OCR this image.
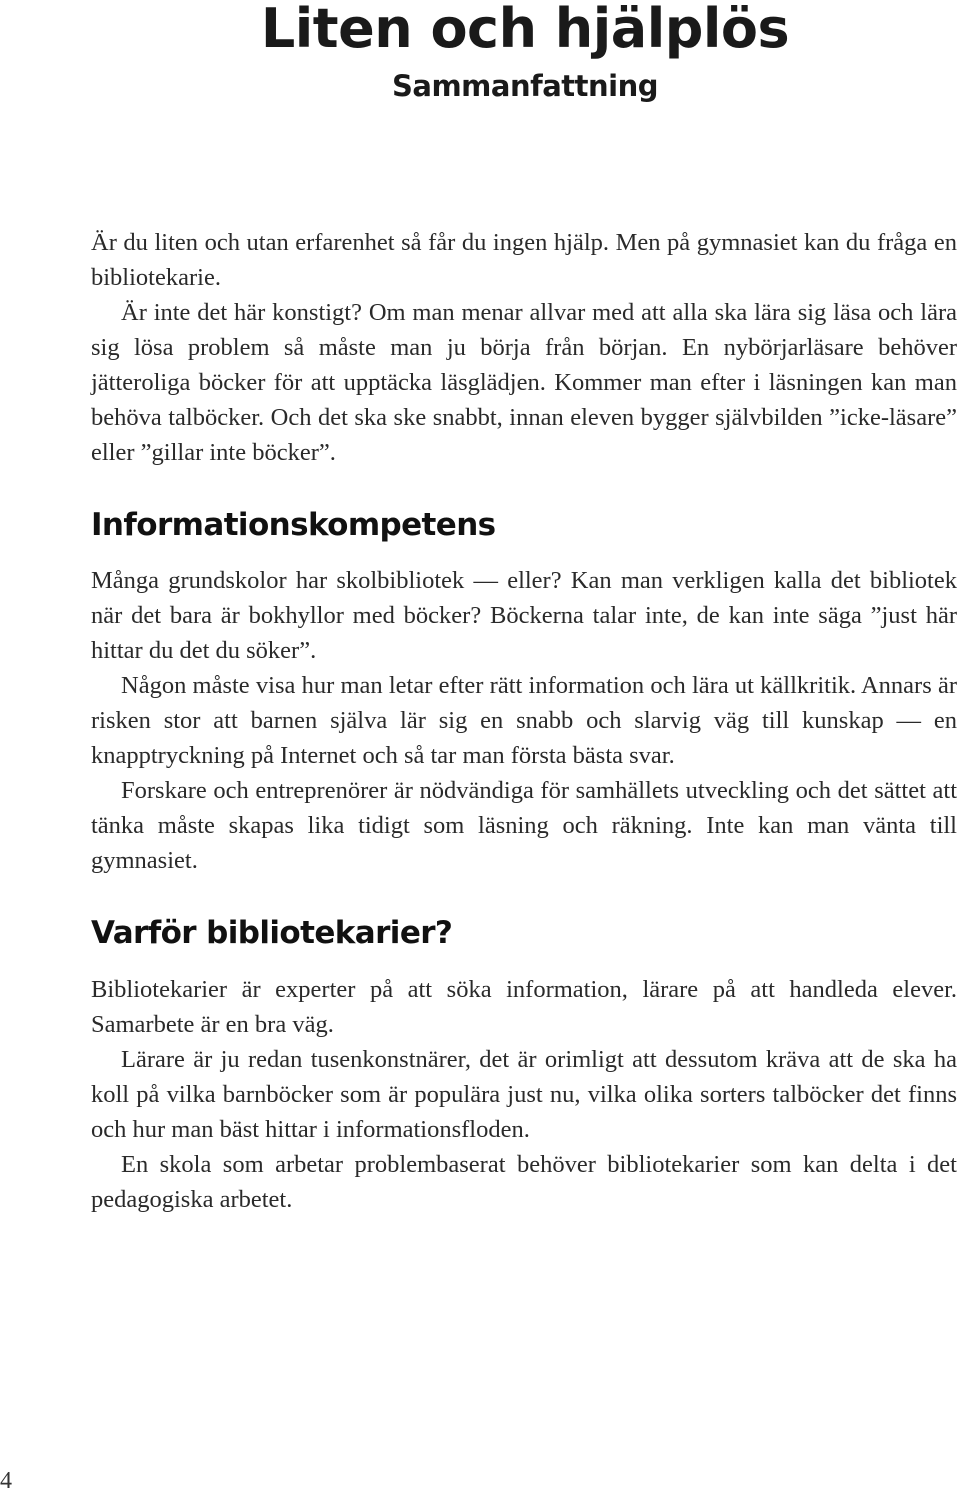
Liten och hjälplös
Sammanfattning

Är du liten och utan erfarenhet så får du ingen hjälp. Men på gymnasiet kan du fråga en bibliotekarie.

Är inte det här konstigt? Om man menar allvar med att alla ska lära sig läsa och lära sig lösa problem så måste man ju börja från början. En nybörjarläsare behöver jätteroliga böcker för att upptäcka läsglädjen. Kommer man efter i läsningen kan man behöva talböcker. Och det ska ske snabbt, innan eleven bygger självbilden ”icke-läsare” eller ”gillar inte böcker”.

Informationskompetens

Många grundskolor har skolbibliotek — eller? Kan man verkligen kalla det bibliotek när det bara är bokhyllor med böcker? Böckerna talar inte, de kan inte säga ”just här hittar du det du söker”.

Någon måste visa hur man letar efter rätt information och lära ut källkritik. Annars är risken stor att barnen själva lär sig en snabb och slarvig väg till kunskap — en knapptryckning på Internet och så tar man första bästa svar.

Forskare och entreprenörer är nödvändiga för samhällets utveckling och det sättet att tänka måste skapas lika tidigt som läsning och räkning. Inte kan man vänta till gymnasiet.

Varför bibliotekarier?

Bibliotekarier är experter på att söka information, lärare på att handleda elever. Samarbete är en bra väg.

Lärare är ju redan tusenkonstnärer, det är orimligt att dessutom kräva att de ska ha koll på vilka barnböcker som är populära just nu, vilka olika sorters talböcker det finns och hur man bäst hittar i informationsfloden.

En skola som arbetar problembaserat behöver bibliotekarier som kan delta i det pedagogiska arbetet.

4
